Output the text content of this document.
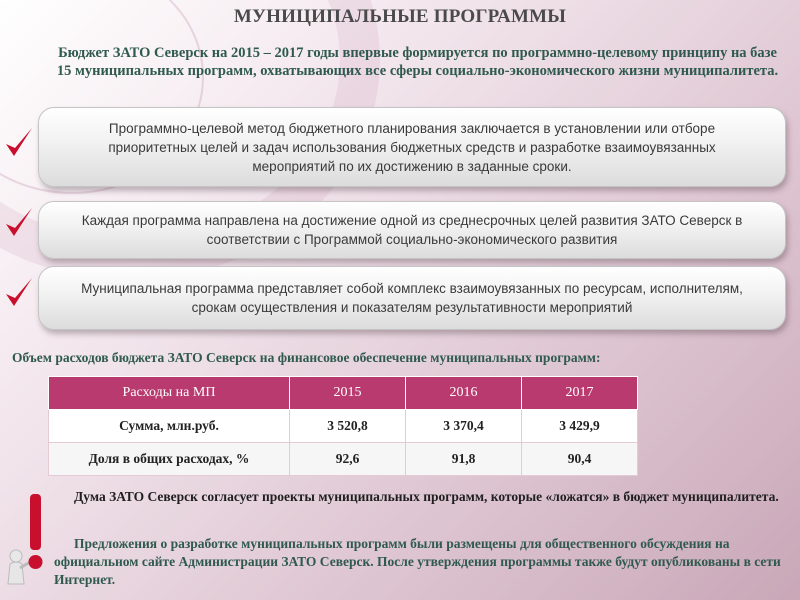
МУНИЦИПАЛЬНЫЕ ПРОГРАММЫ

Бюджет ЗАТО Северск на 2015 – 2017 годы впервые формируется по программно-целевому принципу на базе 15 муниципальных программ, охватывающих все сферы социально-экономического жизни муниципалитета.

Программно-целевой метод бюджетного планирования заключается в установлении или отборе приоритетных целей и задач использования бюджетных средств и разработке взаимоувязанных мероприятий по их достижению в заданные сроки.
Каждая программа направлена на достижение одной из среднесрочных целей развития ЗАТО Северск в соответствии с Программой социально-экономического развития
Муниципальная программа представляет собой комплекс взаимоувязанных по ресурсам, исполнителям, срокам осуществления и показателям результативности мероприятий

Объем расходов бюджета ЗАТО Северск на финансовое обеспечение муниципальных программ:

Расходы на МП	2015	2016	2017
Сумма, млн.руб.	3 520,8	3 370,4	3 429,9
Доля в общих расходах, %	92,6	91,8	90,4

Дума ЗАТО Северск согласует проекты муниципальных программ, которые «ложатся» в бюджет муниципалитета.

Предложения о разработке муниципальных программ были размещены для общественного обсуждения на официальном сайте Администрации ЗАТО Северск. После утверждения программы также будут опубликованы в сети Интернет.
